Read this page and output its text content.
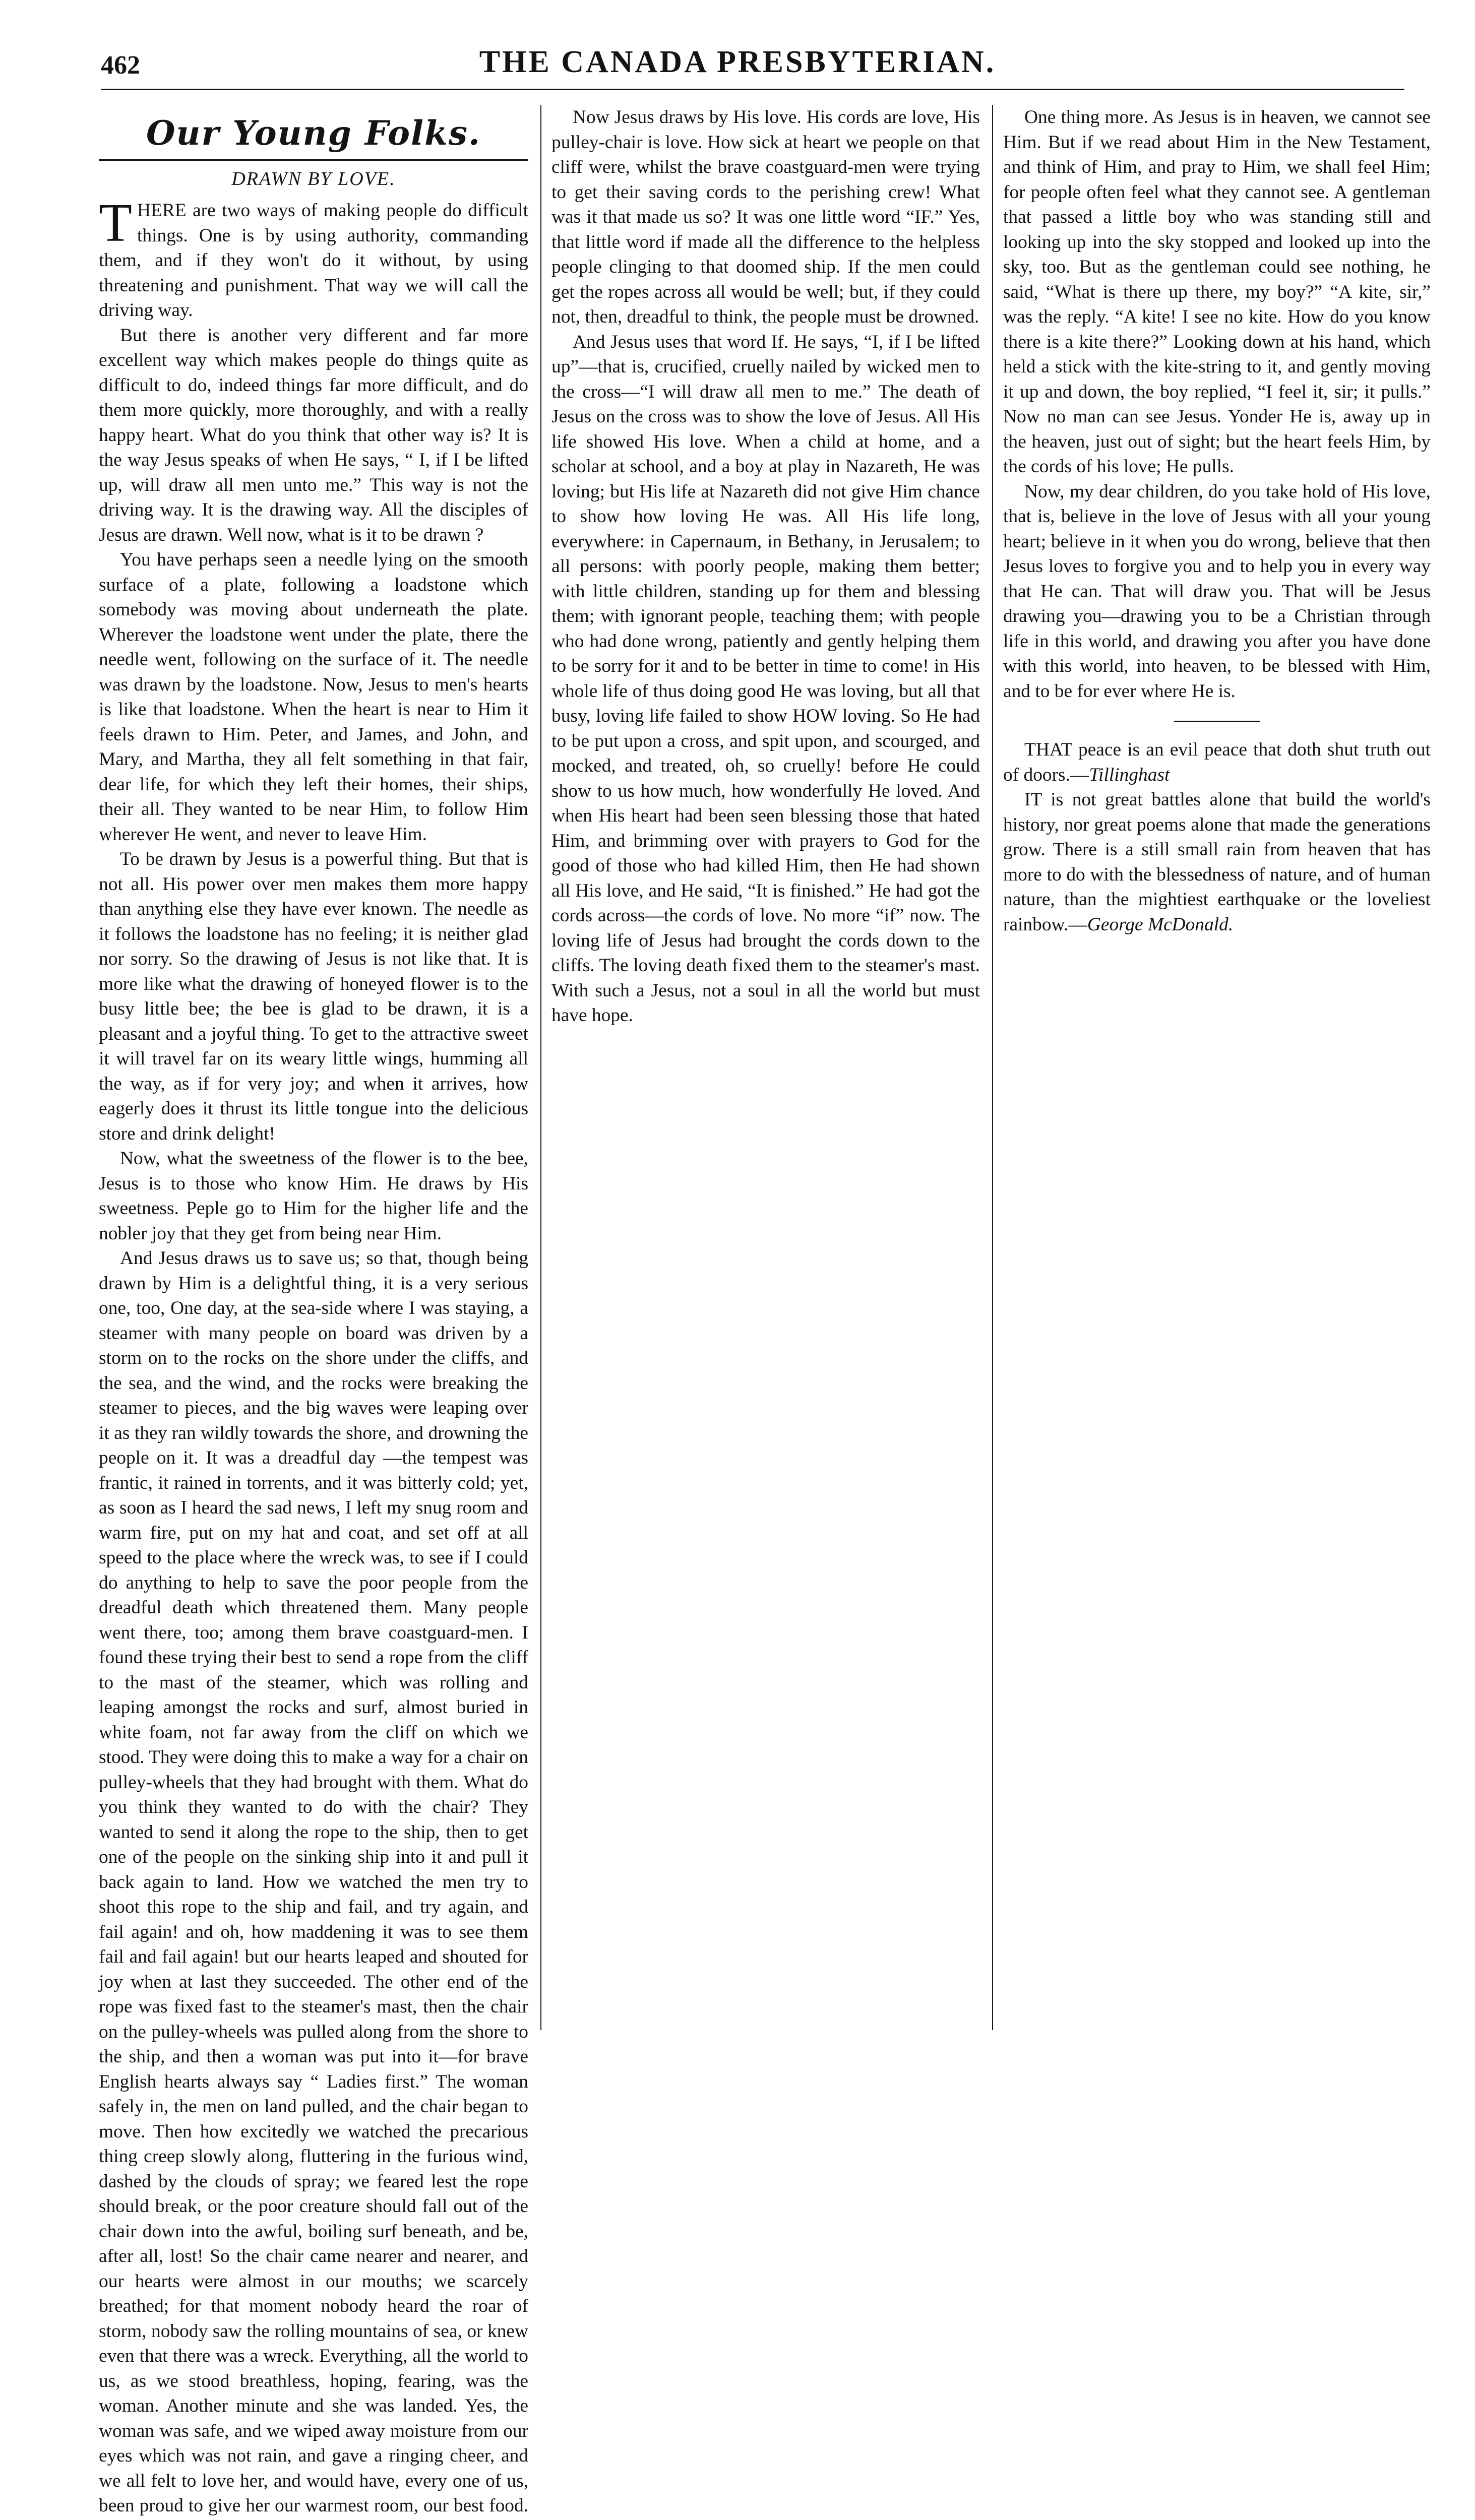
462	THE CANADA PRESBYTERIAN.
Our Young Folks.
DRAWN BY LOVE.

THERE are two ways of making people do difficult things. One is by using authority, commanding them, and if they won't do it without, by using threatening and punishment. That way we will call the driving way.

But there is another very different and far more excellent way which makes people do things quite as difficult to do, indeed things far more difficult, and do them more quickly, more thoroughly, and with a really happy heart. What do you think that other way is? It is the way Jesus speaks of when He says, “ I, if I be lifted up, will draw all men unto me.” This way is not the driving way. It is the drawing way. All the disciples of Jesus are drawn. Well now, what is it to be drawn ?

You have perhaps seen a needle lying on the smooth surface of a plate, following a loadstone which somebody was moving about underneath the plate. Wherever the loadstone went under the plate, there the needle went, following on the surface of it. The needle was drawn by the loadstone. Now, Jesus to men's hearts is like that loadstone. When the heart is near to Him it feels drawn to Him. Peter, and James, and John, and Mary, and Martha, they all felt something in that fair, dear life, for which they left their homes, their ships, their all. They wanted to be near Him, to follow Him wherever He went, and never to leave Him.

To be drawn by Jesus is a powerful thing. But that is not all. His power over men makes them more happy than anything else they have ever known. The needle as it follows the loadstone has no feeling; it is neither glad nor sorry. So the drawing of Jesus is not like that. It is more like what the drawing of honeyed flower is to the busy little bee; the bee is glad to be drawn, it is a pleasant and a joyful thing. To get to the attractive sweet it will travel far on its weary little wings, humming all the way, as if for very joy; and when it arrives, how eagerly does it thrust its little tongue into the delicious store and drink delight!

Now, what the sweetness of the flower is to the bee, Jesus is to those who know Him. He draws by His sweetness. Peple go to Him for the higher life and the nobler joy that they get from being near Him.

And Jesus draws us to save us; so that, though being drawn by Him is a delightful thing, it is a very serious one, too, One day, at the sea-side where I was staying, a steamer with many people on board was driven by a storm on to the rocks on the shore under the cliffs, and the sea, and the wind, and the rocks were breaking the steamer to pieces, and the big waves were leaping over it as they ran wildly towards the shore, and drowning the people on it. It was a dreadful day —the tempest was frantic, it rained in torrents, and it was bitterly cold; yet, as soon as I heard the sad news, I left my snug room and warm fire, put on my hat and coat, and set off at all speed to the place where the wreck was, to see if I could do anything to help to save the poor people from the dreadful death which threatened them. Many people went there, too; among them brave coastguard-men. I found these trying their best to send a rope from the cliff to the mast of the steamer, which was rolling and leaping amongst the rocks and surf, almost buried in white foam, not far away from the cliff on which we stood. They were doing this to make a way for a chair on pulley-wheels that they had brought with them. What do you think they wanted to do with the chair? They wanted to send it along the rope to the ship, then to get one of the people on the sinking ship into it and pull it back again to land. How we watched the men try to shoot this rope to the ship and fail, and try again, and fail again! and oh, how maddening it was to see them fail and fail again! but our hearts leaped and shouted for joy when at last they succeeded. The other end of the rope was fixed fast to the steamer's mast, then the chair on the pulley-wheels was pulled along from the shore to the ship, and then a woman was put into it—for brave English hearts always say “ Ladies first.” The woman safely in, the men on land pulled, and the chair began to move. Then how excitedly we watched the precarious thing creep slowly along, fluttering in the furious wind, dashed by the clouds of spray; we feared lest the rope should break, or the poor creature should fall out of the chair down into the awful, boiling surf beneath, and be, after all, lost! So the chair came nearer and nearer, and our hearts were almost in our mouths; we scarcely breathed; for that moment nobody heard the roar of storm, nobody saw the rolling mountains of sea, or knew even that there was a wreck. Everything, all the world to us, as we stood breathless, hoping, fearing, was the woman. Another minute and she was landed. Yes, the woman was safe, and we wiped away moisture from our eyes which was not rain, and gave a ringing cheer, and we all felt to love her, and would have, every one of us, been proud to give her our warmest room, our best food.

Now Jesus draws by His love. His cords are love, His pulley-chair is love. How sick at heart we people on that cliff were, whilst the brave coastguard-men were trying to get their saving cords to the perishing crew! What was it that made us so? It was one little word “IF.” Yes, that little word if made all the difference to the helpless people clinging to that doomed ship. If the men could get the ropes across all would be well; but, if they could not, then, dreadful to think, the people must be drowned.

And Jesus uses that word If. He says, “I, if I be lifted up”—that is, crucified, cruelly nailed by wicked men to the cross—“I will draw all men to me.” The death of Jesus on the cross was to show the love of Jesus. All His life showed His love. When a child at home, and a scholar at school, and a boy at play in Nazareth, He was loving; but His life at Nazareth did not give Him chance to show how loving He was. All His life long, everywhere: in Capernaum, in Bethany, in Jerusalem; to all persons: with poorly people, making them better; with little children, standing up for them and blessing them; with ignorant people, teaching them; with people who had done wrong, patiently and gently helping them to be sorry for it and to be better in time to come! in His whole life of thus doing good He was loving, but all that busy, loving life failed to show HOW loving. So He had to be put upon a cross, and spit upon, and scourged, and mocked, and treated, oh, so cruelly! before He could show to us how much, how wonderfully He loved. And when His heart had been seen blessing those that hated Him, and brimming over with prayers to God for the good of those who had killed Him, then He had shown all His love, and He said, “It is finished.” He had got the cords across—the cords of love. No more “if” now. The loving life of Jesus had brought the cords down to the cliffs. The loving death fixed them to the steamer's mast. With such a Jesus, not a soul in all the world but must have hope.

One thing more. As Jesus is in heaven, we cannot see Him. But if we read about Him in the New Testament, and think of Him, and pray to Him, we shall feel Him; for people often feel what they cannot see. A gentleman that passed a little boy who was standing still and looking up into the sky stopped and looked up into the sky, too. But as the gentleman could see nothing, he said, “What is there up there, my boy?” “A kite, sir,” was the reply. “A kite! I see no kite. How do you know there is a kite there?” Looking down at his hand, which held a stick with the kite-string to it, and gently moving it up and down, the boy replied, “I feel it, sir; it pulls.” Now no man can see Jesus. Yonder He is, away up in the heaven, just out of sight; but the heart feels Him, by the cords of his love; He pulls.

Now, my dear children, do you take hold of His love, that is, believe in the love of Jesus with all your young heart; believe in it when you do wrong, believe that then Jesus loves to forgive you and to help you in every way that He can. That will draw you. That will be Jesus drawing you—drawing you to be a Christian through life in this world, and drawing you after you have done with this world, into heaven, to be blessed with Him, and to be for ever where He is.

THAT peace is an evil peace that doth shut truth out of doors.—Tillinghast

IT is not great battles alone that build the world's history, nor great poems alone that made the generations grow. There is a still small rain from heaven that has more to do with the blessedness of nature, and of human nature, than the mightiest earthquake or the loveliest rainbow.—George McDonald.
